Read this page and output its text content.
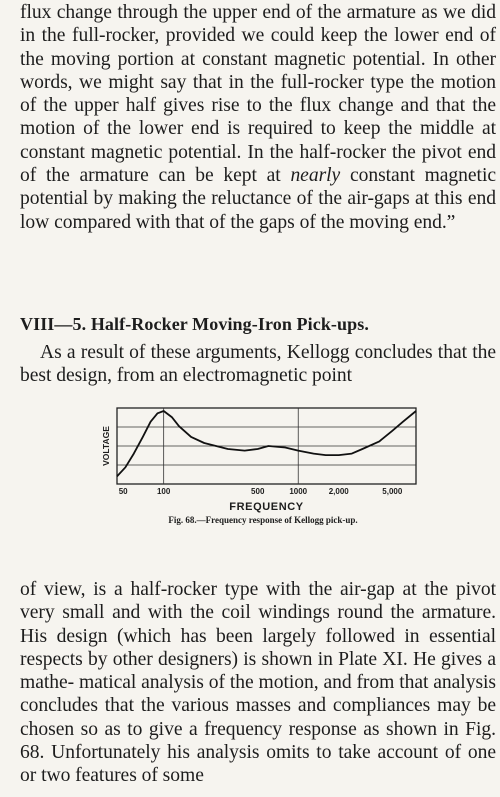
flux change through the upper end of the armature as we did in the full-rocker, provided we could keep the lower end of the moving portion at constant magnetic potential. In other words, we might say that in the full-rocker type the motion of the upper half gives rise to the flux change and that the motion of the lower end is required to keep the middle at constant magnetic potential. In the half-rocker the pivot end of the armature can be kept at nearly constant magnetic potential by making the reluctance of the air-gaps at this end low compared with that of the gaps of the moving end.”

VIII—5. Half-Rocker Moving-Iron Pick-ups.

As a result of these arguments, Kellogg concludes that the best design, from an electromagnetic point

50	100	500	1000	2,000	5,000
FREQUENCY
VOLTAGE

Fig. 68.—Frequency response of Kellogg pick-up.

of view, is a half-rocker type with the air-gap at the pivot very small and with the coil windings round the armature. His design (which has been largely followed in essential respects by other designers) is shown in Plate XI. He gives a mathe- matical analysis of the motion, and from that analysis concludes that the various masses and compliances may be chosen so as to give a frequency response as shown in Fig. 68. Unfortunately his analysis omits to take account of one or two features of some
